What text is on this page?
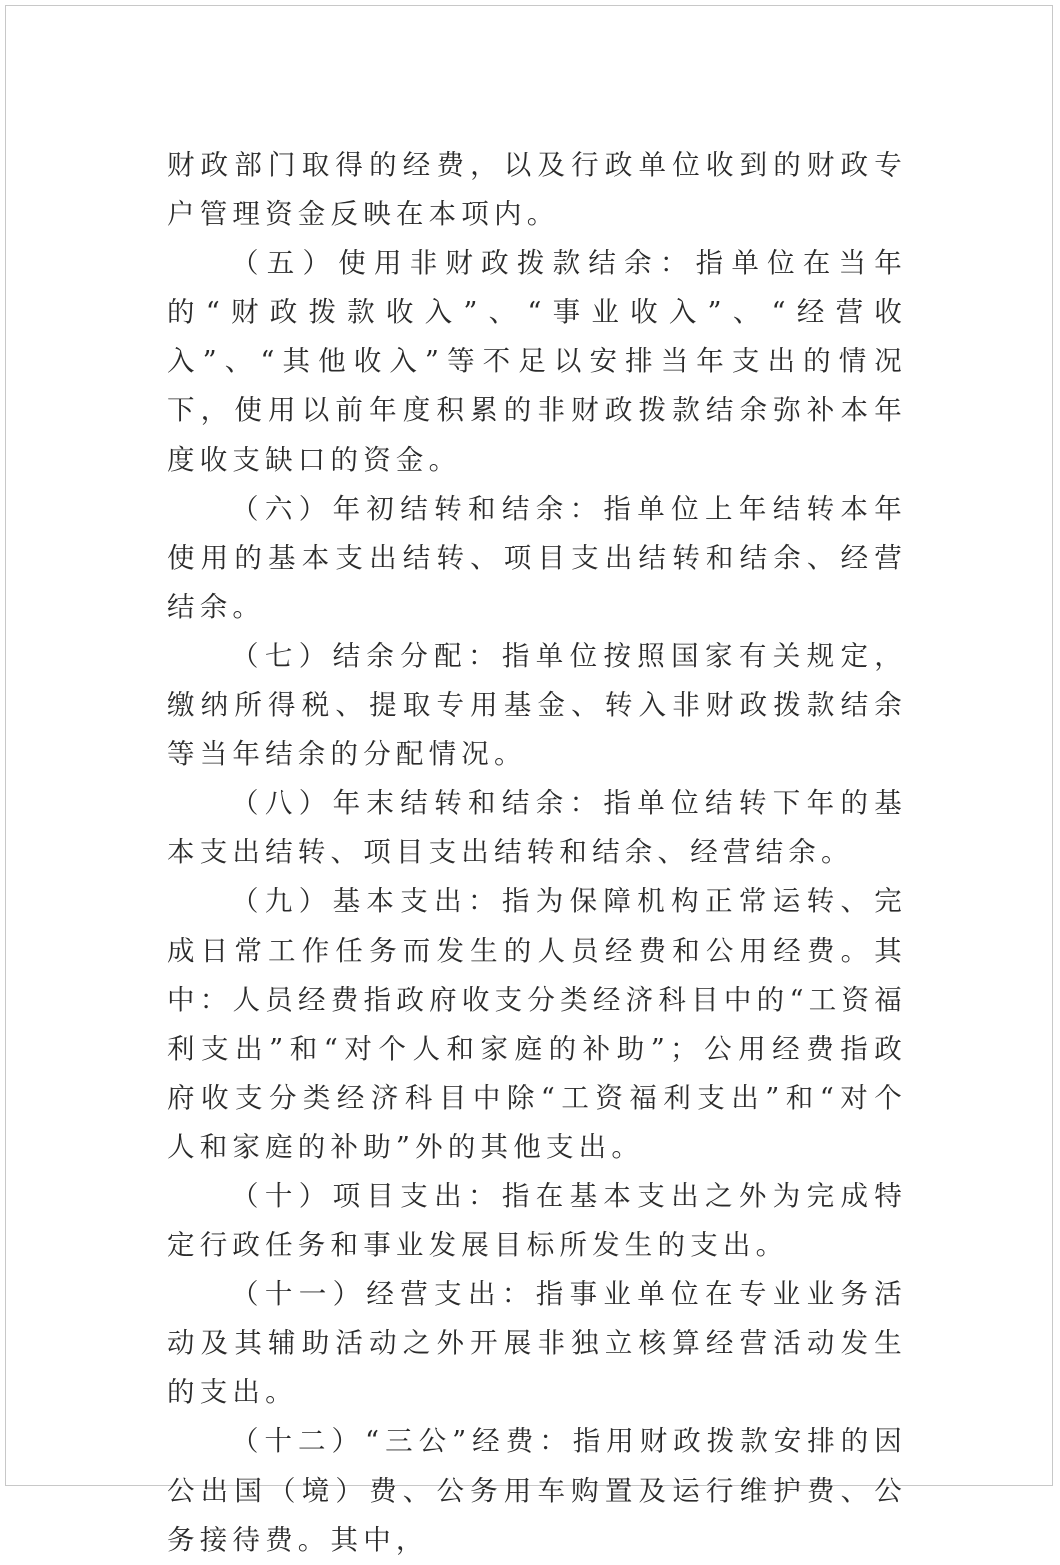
财政部门取得的经费，以及行政单位收到的财政专户管理资金反映在本项内。

（五）使用非财政拨款结余：指单位在当年的“财政拨款收入”、“事业收入”、“经营收入”、“其他收入”等不足以安排当年支出的情况下，使用以前年度积累的非财政拨款结余弥补本年度收支缺口的资金。

（六）年初结转和结余：指单位上年结转本年使用的基本支出结转、项目支出结转和结余、经营结余。

（七）结余分配：指单位按照国家有关规定，缴纳所得税、提取专用基金、转入非财政拨款结余等当年结余的分配情况。

（八）年末结转和结余：指单位结转下年的基本支出结转、项目支出结转和结余、经营结余。

（九）基本支出：指为保障机构正常运转、完成日常工作任务而发生的人员经费和公用经费。其中：人员经费指政府收支分类经济科目中的“工资福利支出”和“对个人和家庭的补助”；公用经费指政府收支分类经济科目中除“工资福利支出”和“对个人和家庭的补助”外的其他支出。

（十）项目支出：指在基本支出之外为完成特定行政任务和事业发展目标所发生的支出。

（十一）经营支出：指事业单位在专业业务活动及其辅助活动之外开展非独立核算经营活动发生的支出。

（十二）“三公”经费：指用财政拨款安排的因公出国（境）费、公务用车购置及运行维护费、公务接待费。其中，
